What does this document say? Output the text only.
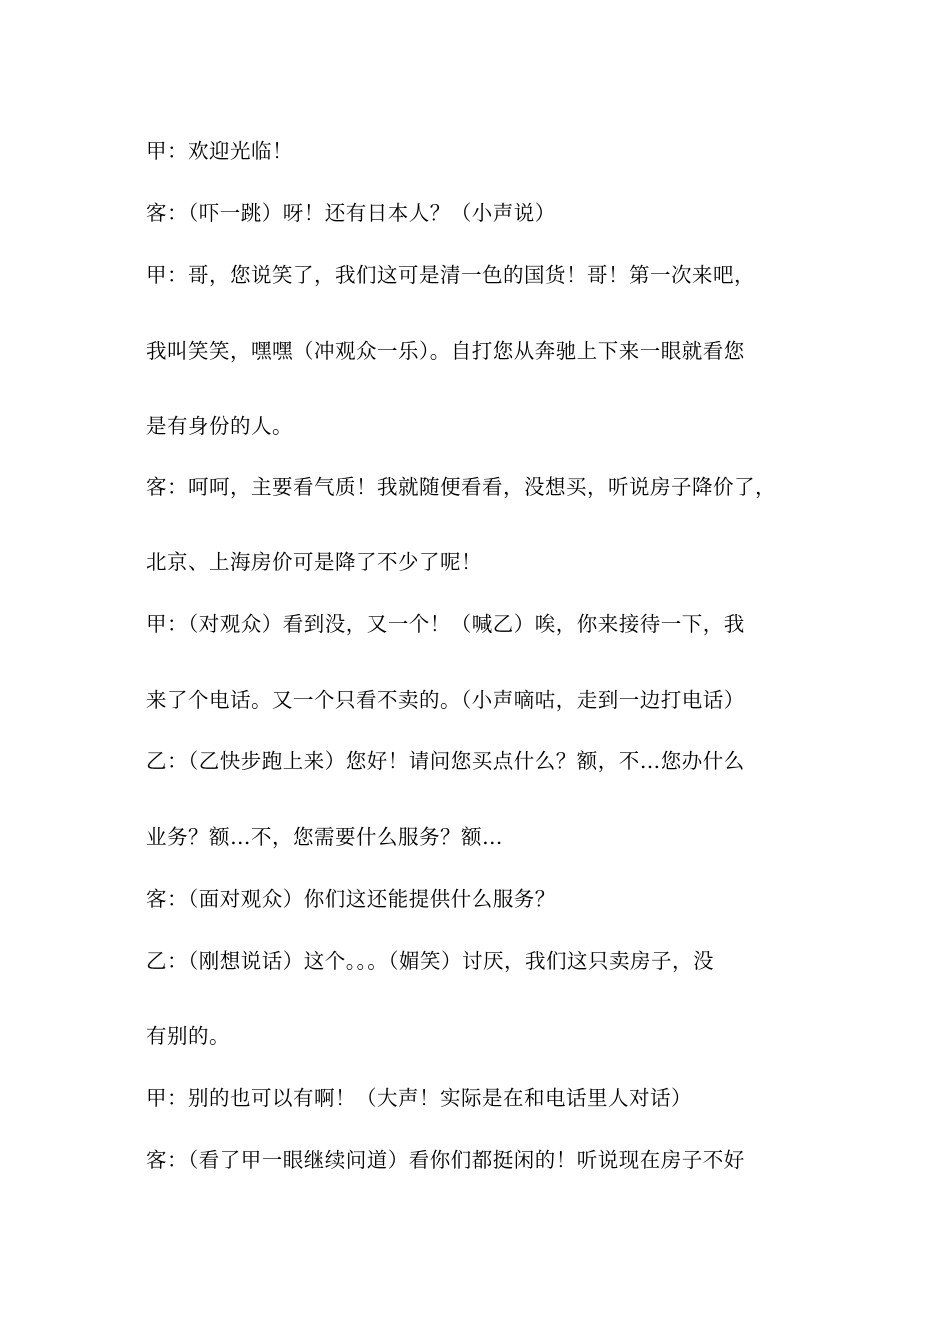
甲：欢迎光临！
客：（吓一跳）呀！还有日本人？（小声说）
甲：哥，您说笑了，我们这可是清一色的国货！哥！第一次来吧，
我叫笑笑，嘿嘿（冲观众一乐）。自打您从奔驰上下来一眼就看您
是有身份的人。
客：呵呵，主要看气质！我就随便看看，没想买，听说房子降价了，
北京、上海房价可是降了不少了呢！
甲：（对观众）看到没，又一个！（喊乙）唉，你来接待一下，我
来了个电话。又一个只看不卖的。（小声嘀咕，走到一边打电话）
乙：（乙快步跑上来）您好！请问您买点什么？额，不…您办什么
业务？额…不，您需要什么服务？额…
客：（面对观众）你们这还能提供什么服务？
乙：（刚想说话）这个。。。（媚笑）讨厌，我们这只卖房子，没
有别的。
甲：别的也可以有啊！（大声！实际是在和电话里人对话）
客：（看了甲一眼继续问道）看你们都挺闲的！听说现在房子不好
